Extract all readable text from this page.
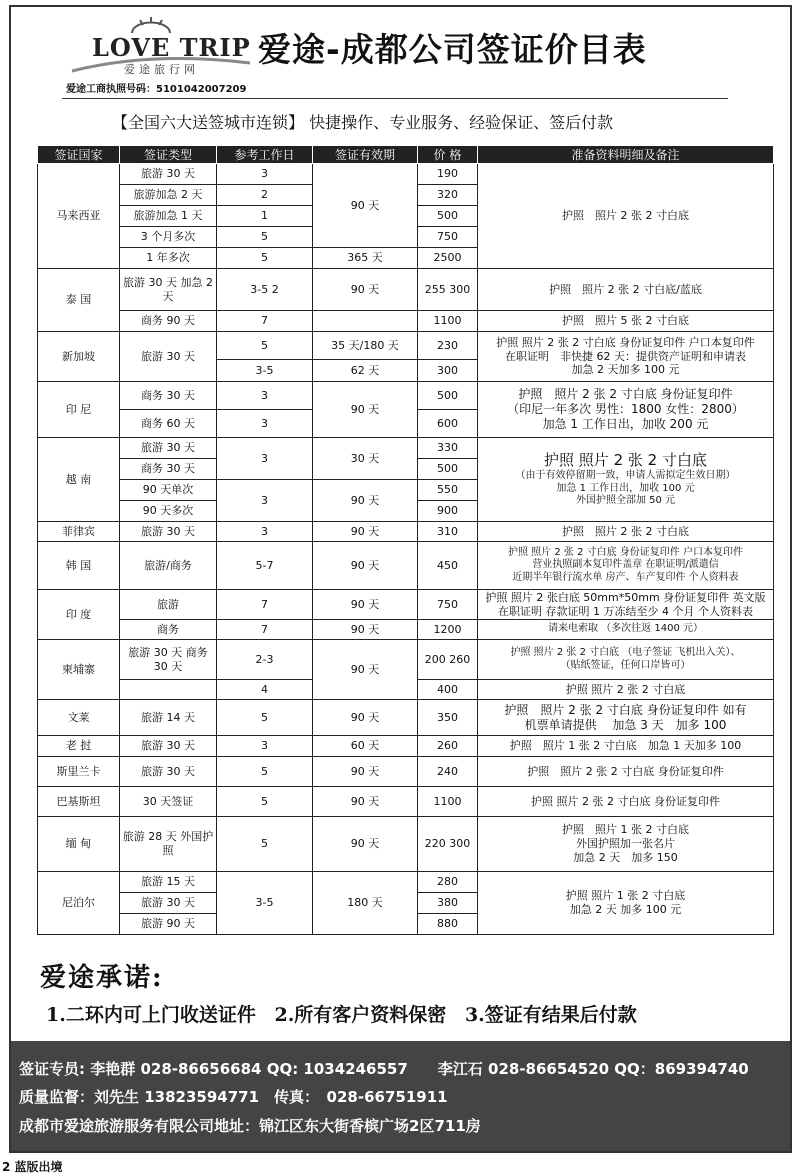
LOVE TRIP
爱途旅行网
爱途工商执照号码：5101042007209
爱途-成都公司签证价目表
【全国六大送签城市连锁】 快捷操作、专业服务、经验保证、签后付款
签证国家	签证类型	参考工作日	签证有效期	价 格	准备资料明细及备注
马来西亚	旅游 30 天	3	90 天	190	护照　照片 2 张 2 寸白底

	旅游加急 2 天	2		320	
	旅游加急 1 天	1		500	
	3 个月多次	5		750	
	1 年多次	5	365 天	2500	
泰 国	旅游 30 天 加急 2 天	3-5 2	90 天	255 300	护照　照片 2 张 2 寸白底/蓝底

	商务 90 天	7		1100	护照　照片 5 张 2 寸白底

新加坡	旅游 30 天	5	35 天/180 天	230	护照 照片 2 张 2 寸白底 身份证复印件 户口本复印件
在职证明　非快捷 62 天：提供资产证明和申请表
加急 2 天加多 100 元

		3-5	62 天	300	
印 尼	商务 30 天	3	90 天	500	护照　照片 2 张 2 寸白底 身份证复印件
（印尼一年多次 男性：1800 女性：2800）
加急 1 工作日出，加收 200 元

	商务 60 天	3		600	
越 南	旅游 30 天	3	30 天	330	护照 照片 2 张 2 寸白底
（由于有效停留期一致，申请人需拟定生效日期）
加急 1 工作日出，加收 100 元
外国护照全部加 50 元

	商务 30 天			500	
	90 天单次	3	90 天	550	
	90 天多次			900	
菲律宾	旅游 30 天	3	90 天	310	护照　照片 2 张 2 寸白底

韩 国	旅游/商务	5-7	90 天	450	护照 照片 2 张 2 寸白底 身份证复印件 户口本复印件
营业执照副本复印件盖章 在职证明/派遣信
近期半年银行流水单 房产、车产复印件 个人资料表

印 度	旅游	7	90 天	750	护照 照片 2 张白底 50mm*50mm 身份证复印件 英文版
在职证明 存款证明 1 万冻结至少 4 个月 个人资料表

	商务	7	90 天	1200	请来电索取 （多次往返 1400 元）

柬埔寨	旅游 30 天 商务 30 天	2-3	90 天	200 260	护照 照片 2 张 2 寸白底 （电子签证 飞机出入关）、
（贴纸签证，任何口岸皆可）

		4		400	护照 照片 2 张 2 寸白底

文莱	旅游 14 天	5	90 天	350	护照　照片 2 张 2 寸白底 身份证复印件 如有
机票单请提供　 加急 3 天　加多 100

老 挝	旅游 30 天	3	60 天	260	护照　照片 1 张 2 寸白底　加急 1 天加多 100

斯里兰卡	旅游 30 天	5	90 天	240	护照　照片 2 张 2 寸白底 身份证复印件

巴基斯坦	30 天签证	5	90 天	1100	护照 照片 2 张 2 寸白底 身份证复印件

缅 甸	旅游 28 天 外国护照	5	90 天	220 300	护照　照片 1 张 2 寸白底
外国护照加一张名片
加急 2 天　加多 150

尼泊尔	旅游 15 天	3-5	180 天	280	护照 照片 1 张 2 寸白底
加急 2 天 加多 100 元

	旅游 30 天			380	
	旅游 90 天			880	
爱途承诺:
1.二环内可上门收送证件 2.所有客户资料保密 3.签证有结果后付款
签证专员: 李艳群 028-86656684 QQ: 1034246557　　李江石 028-86654520 QQ：869394740
质量监督：刘先生 13823594771　传真：　028-66751911
成都市爱途旅游服务有限公司地址：锦江区东大街香槟广场2区711房
2 蓝版出境
